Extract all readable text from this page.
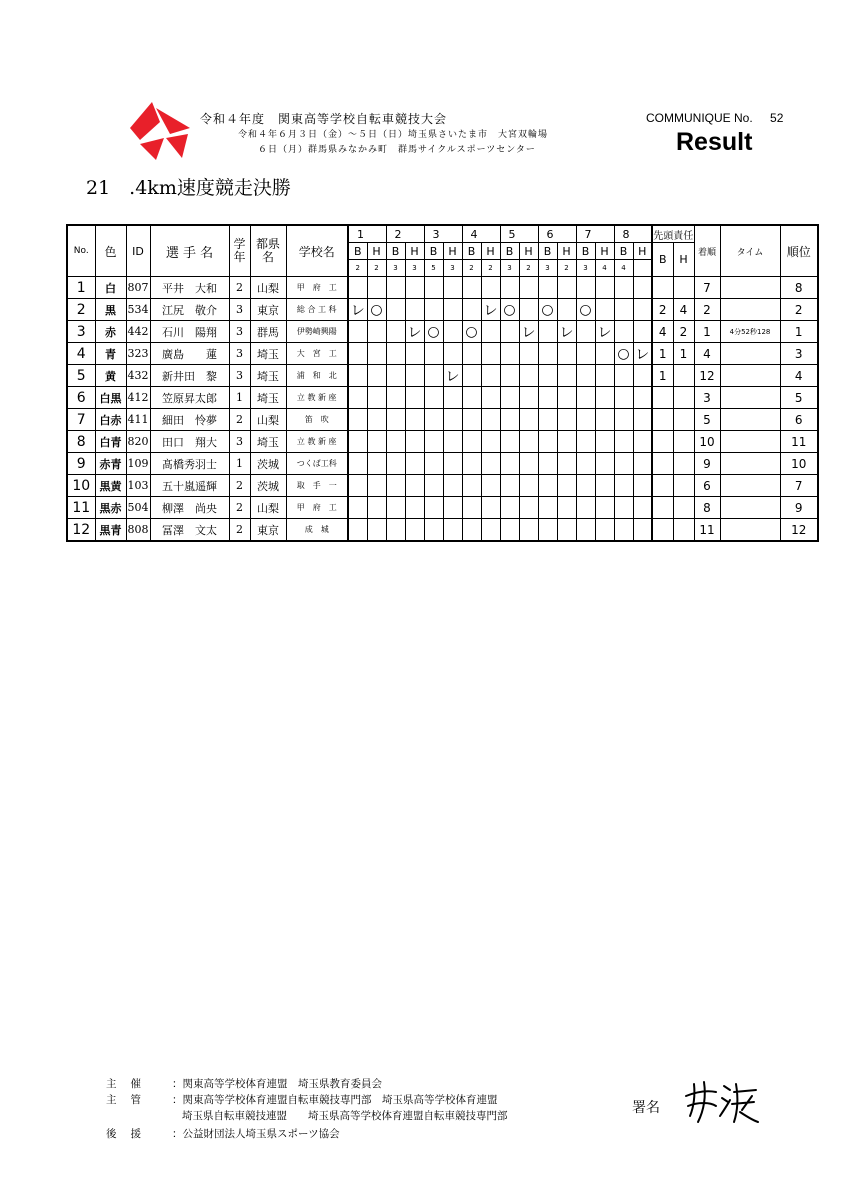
令和４年度　関東高等学校自転車競技大会
令和４年６月３日（金）～５日（日）埼玉県さいたま市　大宮双輪場
６日（月）群馬県みなかみ町　群馬サイクルスポーツセンター
COMMUNIQUE No. 52
Result
21　.4km速度競走決勝
No.	色	ID	選 手 名	学年	都県名	学校名	1		2		3		4		5		6		7		8		先頭責任		着順	タイム	順位
							B	H	B	H	B	H	B	H	B	H	B	H	B	H	B	H	B	H			
							2	2	3	3	5	3	2	2	3	2	3	2	3	4	4						
1	白	807	平井　大和	2	山梨	甲　府　工																			7		8
2	黒	534	江尻　敬介	3	東京	総 合 工 科	レ	○						レ	○		○		○				2	4	2		2
3	赤	442	石川　陽翔	3	群馬	伊勢崎興陽				レ	○		○			レ		レ		レ			4	2	1	4分52秒128	1
4	青	323	廣島　　蓮	3	埼玉	大　宮　工															○	レ	1	1	4		3
5	黄	432	新井田　黎	3	埼玉	浦　和　北						レ											1		12		4
6	白黒	412	笠原昇太郎	1	埼玉	立 教 新 座																			3		5
7	白赤	411	細田　怜夢	2	山梨	笛　吹																			5		6
8	白青	820	田口　翔大	3	埼玉	立 教 新 座																			10		11
9	赤青	109	髙橋秀羽士	1	茨城	つくば工科																			9		10
10	黒黄	103	五十嵐遥輝	2	茨城	取　手　一																			6		7
11	黒赤	504	柳澤　尚央	2	山梨	甲　府　工																			8		9
12	黒青	808	冨澤　文太	2	東京	成　城																			11		12
主催 ：関東高等学校体育連盟　埼玉県教育委員会
主管 ：関東高等学校体育連盟自転車競技専門部　埼玉県高等学校体育連盟
埼玉県自転車競技連盟　　埼玉県高等学校体育連盟自転車競技専門部
後援 ：公益財団法人埼玉県スポーツ協会
署名
